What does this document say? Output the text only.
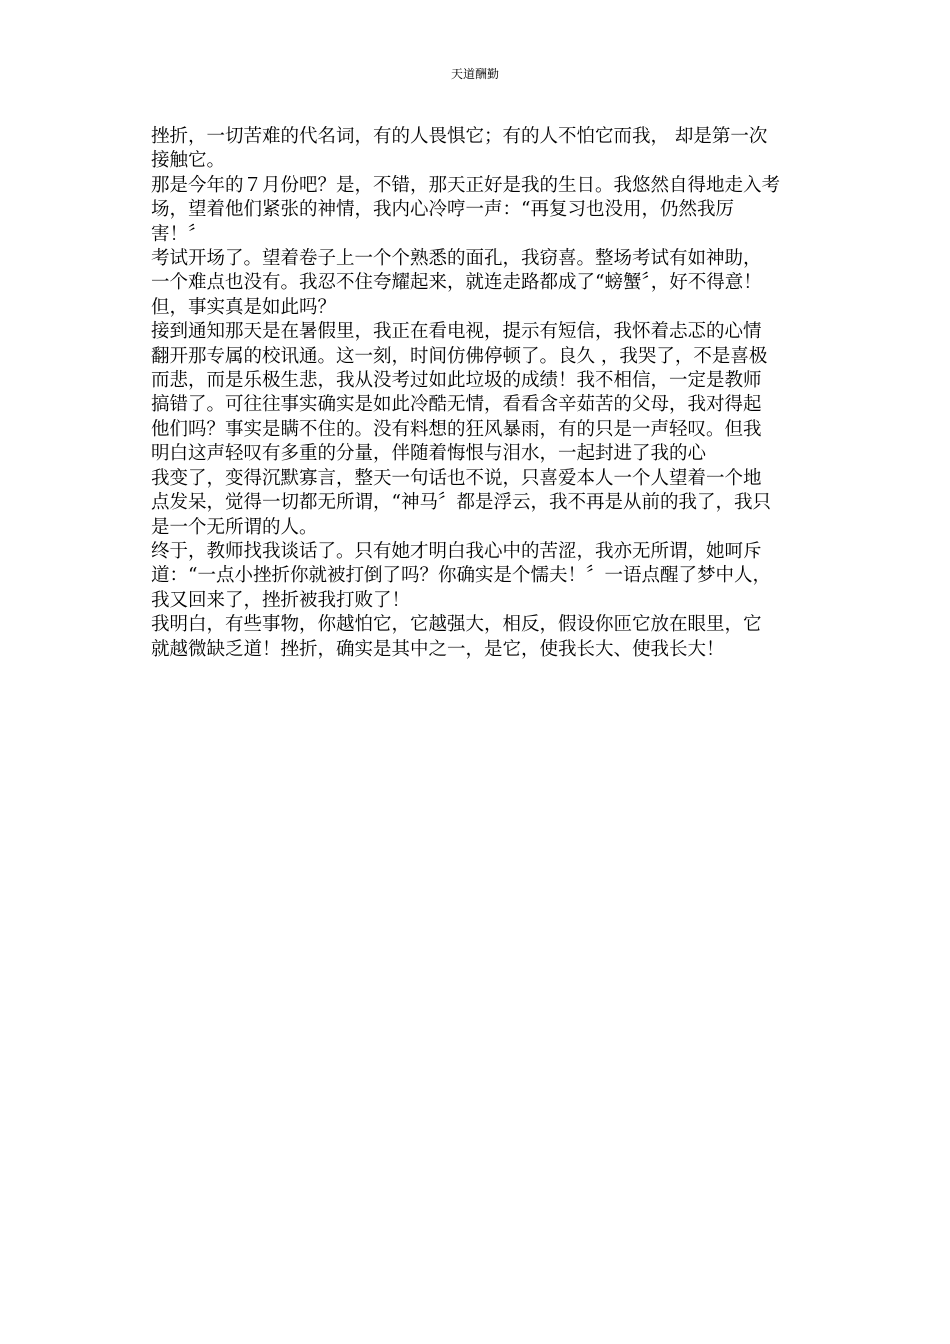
天道酬勤

挫折，一切苦难的代名词，有的人畏惧它；有的人不怕它而我， 却是第一次
接触它。

那是今年的７月份吧？是，不错，那天正好是我的生日。我悠然自得地走入考
场，望着他们紧张的神情，我内心冷哼一声：“再复习也没用，仍然我厉
害！〞

考试开场了。望着卷子上一个个熟悉的面孔，我窃喜。整场考试有如神助，
一个难点也没有。我忍不住夸耀起来，就连走路都成了“螃蟹〞，好不得意！
但，事实真是如此吗？

接到通知那天是在暑假里，我正在看电视，提示有短信，我怀着忐忑的心情
翻开那专属的校讯通。这一刻，时间仿佛停顿了。良久 ，我哭了，不是喜极
而悲，而是乐极生悲，我从没考过如此垃圾的成绩！我不相信，一定是教师
搞错了。可往往事实确实是如此冷酷无情，看看含辛茹苦的父母，我对得起
他们吗？事实是瞒不住的。没有料想的狂风暴雨，有的只是一声轻叹。但我
明白这声轻叹有多重的分量，伴随着悔恨与泪水，一起封进了我的心

我变了，变得沉默寡言，整天一句话也不说，只喜爱本人一个人望着一个地
点发呆，觉得一切都无所谓，“神马〞都是浮云，我不再是从前的我了，我只
是一个无所谓的人。

终于，教师找我谈话了。只有她才明白我心中的苦涩，我亦无所谓，她呵斥
道：“一点小挫折你就被打倒了吗？你确实是个懦夫！〞一语点醒了梦中人，
我又回来了，挫折被我打败了！

我明白，有些事物，你越怕它，它越强大，相反，假设你匝它放在眼里，它
就越微缺乏道！挫折，确实是其中之一，是它，使我长大、使我长大！
